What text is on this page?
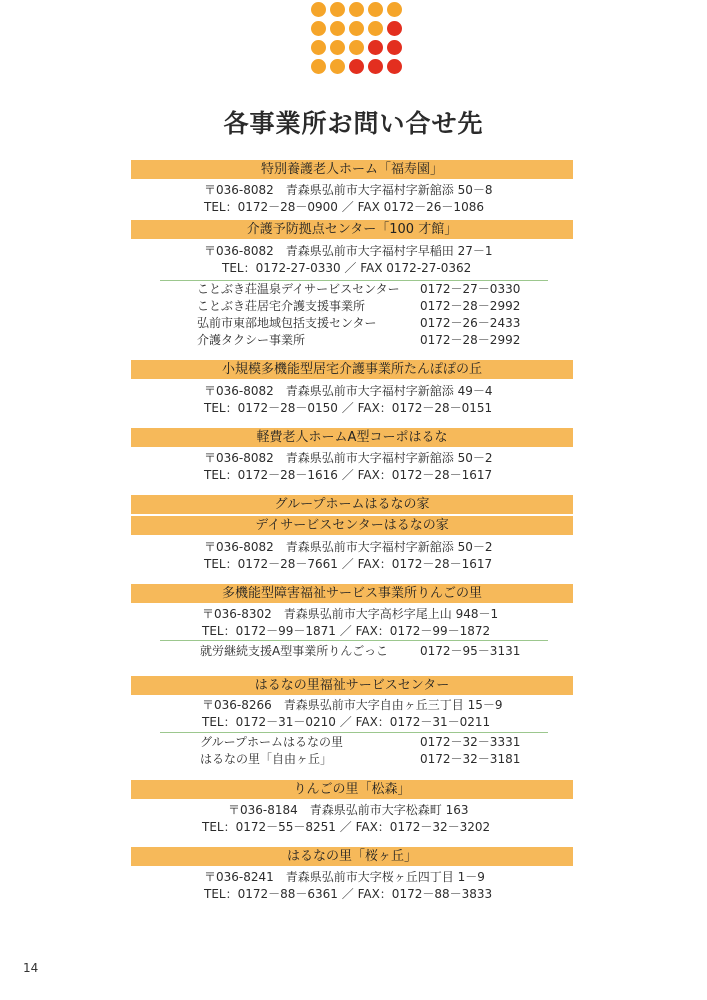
各事業所お問い合せ先
特別養護老人ホーム「福寿園」
〒036-8082　青森県弘前市大字福村字新舘添 50－8
TEL：0172－28－0900 ／ FAX 0172－26－1086
介護予防拠点センター「100 才館」
〒036-8082　青森県弘前市大字福村字早稲田 27－1
TEL：0172-27-0330 ／ FAX 0172-27-0362
ことぶき荘温泉デイサービスセンター 0172－27－0330
ことぶき荘居宅介護支援事業所	0172－28－2992
弘前市東部地域包括支援センター	0172－26－2433
介護タクシー事業所	0172－28－2992
小規模多機能型居宅介護事業所たんぽぽの丘
〒036-8082　青森県弘前市大字福村字新舘添 49－4
TEL：0172－28－0150 ／ FAX：0172－28－0151
軽費老人ホームA型コーポはるな
〒036-8082　青森県弘前市大字福村字新舘添 50－2
TEL：0172－28－1616 ／ FAX：0172－28－1617
グループホームはるなの家
デイサービスセンターはるなの家
〒036-8082　青森県弘前市大字福村字新舘添 50－2
TEL：0172－28－7661 ／ FAX：0172－28－1617
多機能型障害福祉サービス事業所りんごの里
〒036-8302　青森県弘前市大字高杉字尾上山 948－1
TEL：0172－99－1871 ／ FAX：0172－99－1872
就労継続支援A型事業所りんごっこ	0172－95－3131
はるなの里福祉サービスセンター
〒036-8266　青森県弘前市大字自由ヶ丘三丁目 15－9
TEL：0172－31－0210 ／ FAX：0172－31－0211
グループホームはるなの里	0172－32－3331
はるなの里「自由ヶ丘」	0172－32－3181
りんごの里「松森」
〒036-8184　青森県弘前市大字松森町 163
TEL：0172－55－8251 ／ FAX：0172－32－3202
はるなの里「桜ヶ丘」
〒036-8241　青森県弘前市大字桜ヶ丘四丁目 1－9
TEL：0172－88－6361 ／ FAX：0172－88－3833
14
